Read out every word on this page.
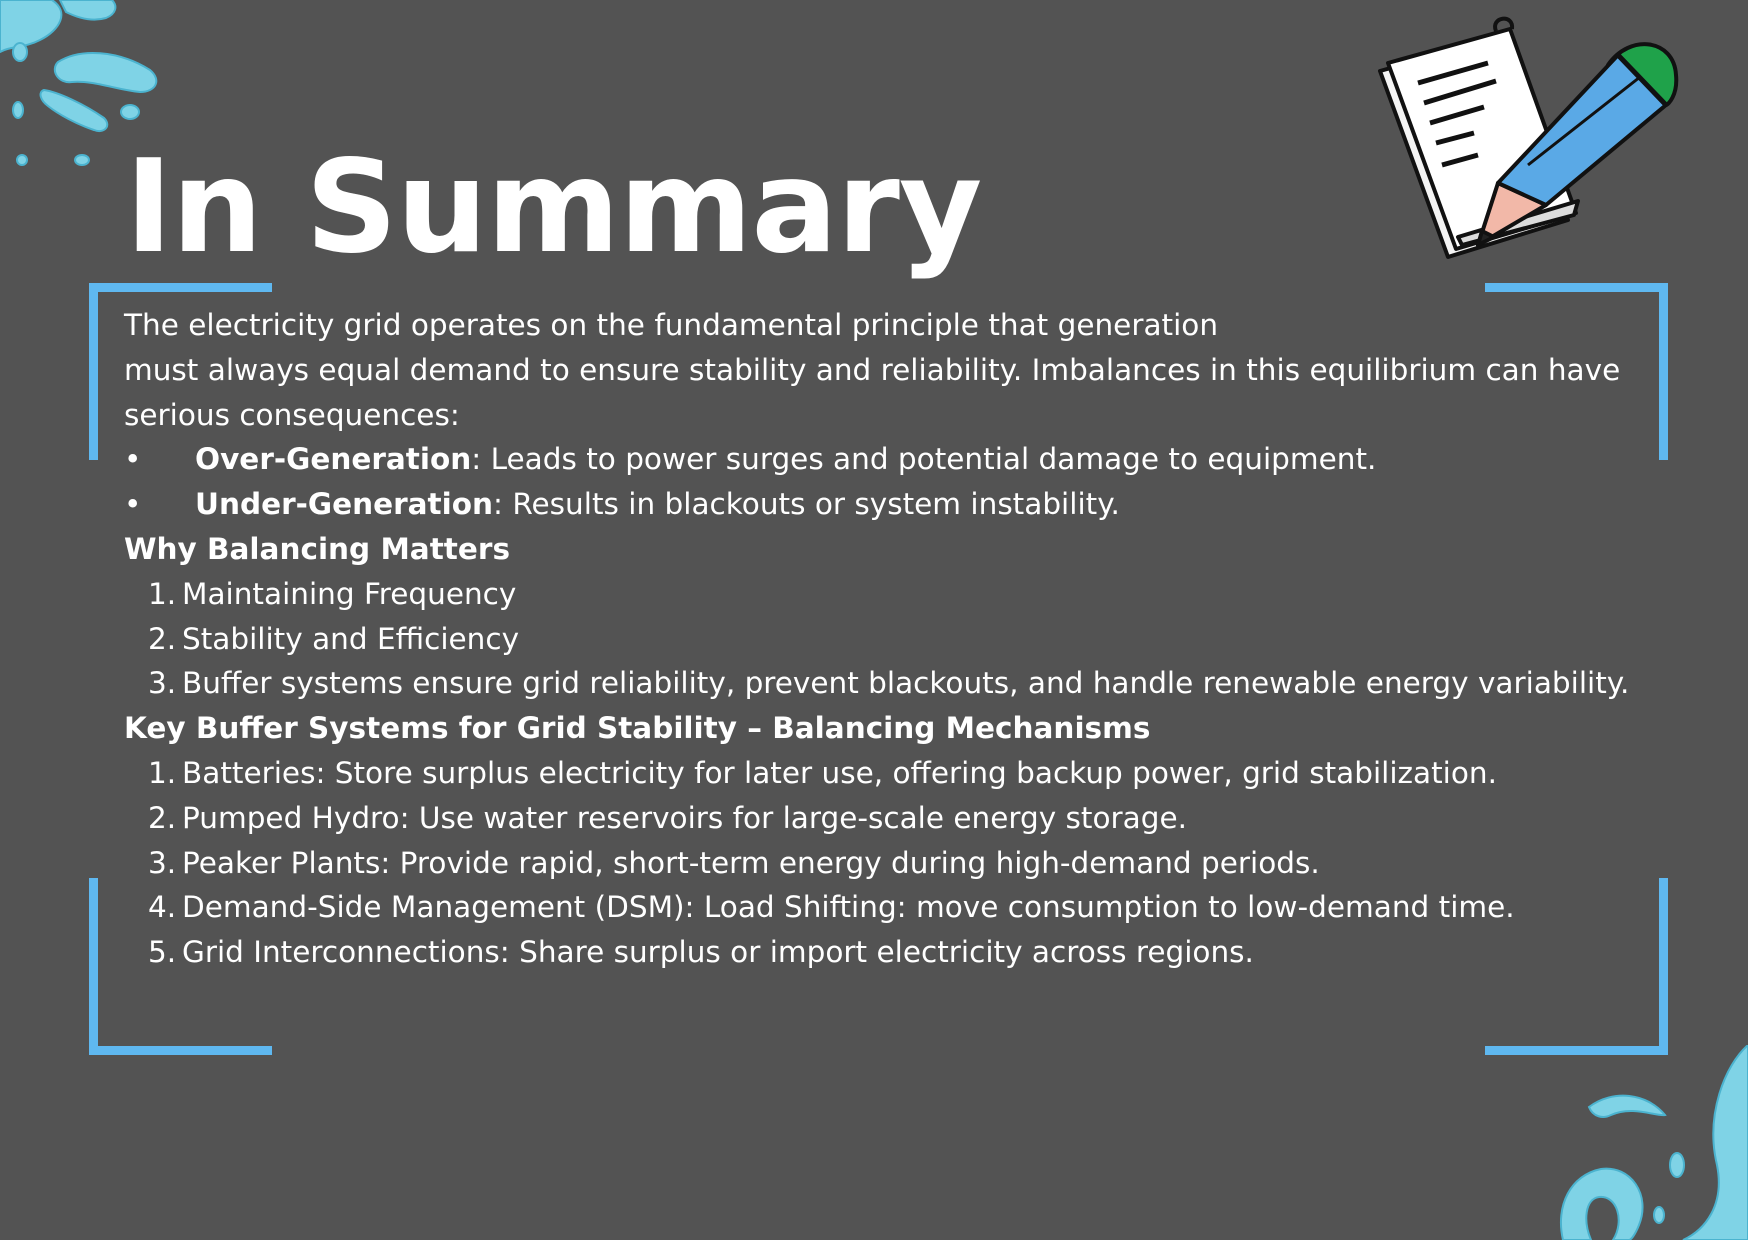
In Summary

The electricity grid operates on the fundamental principle that generation
must always equal demand to ensure stability and reliability. Imbalances in this equilibrium can have serious consequences:

• Over-Generation: Leads to power surges and potential damage to equipment.
• Under-Generation: Results in blackouts or system instability.

Why Balancing Matters

1. Maintaining Frequency
2. Stability and Efficiency
3. Buffer systems ensure grid reliability, prevent blackouts, and handle renewable energy variability.

Key Buffer Systems for Grid Stability – Balancing Mechanisms

1. Batteries: Store surplus electricity for later use, offering backup power, grid stabilization.
2. Pumped Hydro: Use water reservoirs for large-scale energy storage.
3. Peaker Plants: Provide rapid, short-term energy during high-demand periods.
4. Demand-Side Management (DSM): Load Shifting: move consumption to low-demand time.
5. Grid Interconnections: Share surplus or import electricity across regions.
